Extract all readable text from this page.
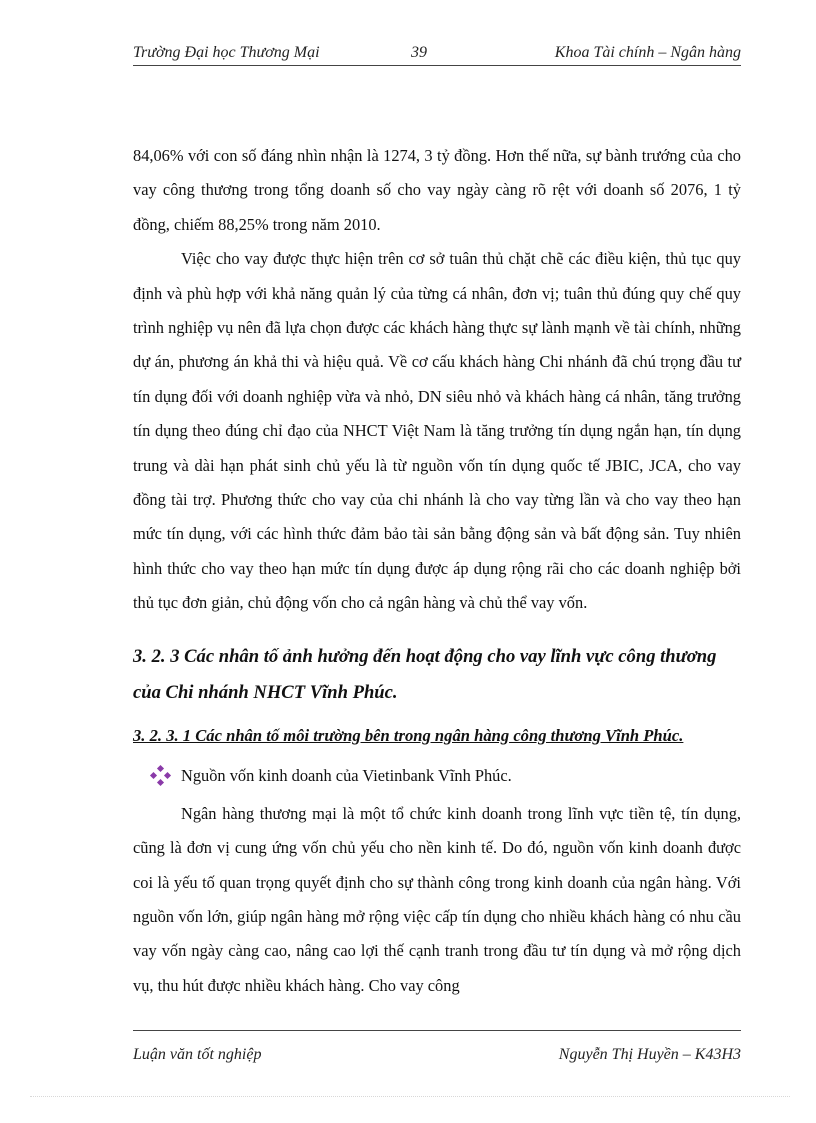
Trường Đại học Thương Mại	39	Khoa Tài chính – Ngân hàng

84,06% với con số đáng nhìn nhận là 1274, 3 tỷ đồng. Hơn thế nữa, sự bành trướng của cho vay công thương trong tổng doanh số cho vay ngày càng rõ rệt với doanh số 2076, 1 tỷ đồng, chiếm 88,25% trong năm 2010.

Việc cho vay được thực hiện trên cơ sở tuân thủ chặt chẽ các điều kiện, thủ tục quy định và phù hợp với khả năng quản lý của từng cá nhân, đơn vị; tuân thủ đúng quy chế quy trình nghiệp vụ nên đã lựa chọn được các khách hàng thực sự lành mạnh về tài chính, những dự án, phương án khả thi và hiệu quả. Về cơ cấu khách hàng Chi nhánh đã chú trọng đầu tư tín dụng đối với doanh nghiệp vừa và nhỏ, DN siêu nhỏ và khách hàng cá nhân, tăng trưởng tín dụng theo đúng chỉ đạo của NHCT Việt Nam là tăng trưởng tín dụng ngắn hạn, tín dụng trung và dài hạn phát sinh chủ yếu là từ nguồn vốn tín dụng quốc tế JBIC, JCA, cho vay đồng tài trợ. Phương thức cho vay của chi nhánh là cho vay từng lần và cho vay theo hạn mức tín dụng, với các hình thức đảm bảo tài sản bằng động sản và bất động sản. Tuy nhiên hình thức cho vay theo hạn mức tín dụng được áp dụng rộng rãi cho các doanh nghiệp bởi thủ tục đơn giản, chủ động vốn cho cả ngân hàng và chủ thể vay vốn.

3. 2. 3 Các nhân tố ảnh hưởng đến hoạt động cho vay lĩnh vực công thương của Chi nhánh NHCT Vĩnh Phúc.
3. 2. 3. 1 Các nhân tố môi trường bên trong ngân hàng công thương Vĩnh Phúc.
Nguồn vốn kinh doanh của Vietinbank Vĩnh Phúc.

Ngân hàng thương mại là một tổ chức kinh doanh trong lĩnh vực tiền tệ, tín dụng, cũng là đơn vị cung ứng vốn chủ yếu cho nền kinh tế. Do đó, nguồn vốn kinh doanh được coi là yếu tố quan trọng quyết định cho sự thành công trong kinh doanh của ngân hàng. Với nguồn vốn lớn, giúp ngân hàng mở rộng việc cấp tín dụng cho nhiều khách hàng có nhu cầu vay vốn ngày càng cao, nâng cao lợi thế cạnh tranh trong đầu tư tín dụng và mở rộng dịch vụ, thu hút được nhiều khách hàng. Cho vay công

Luận văn tốt nghiệp	Nguyễn Thị Huyền – K43H3
